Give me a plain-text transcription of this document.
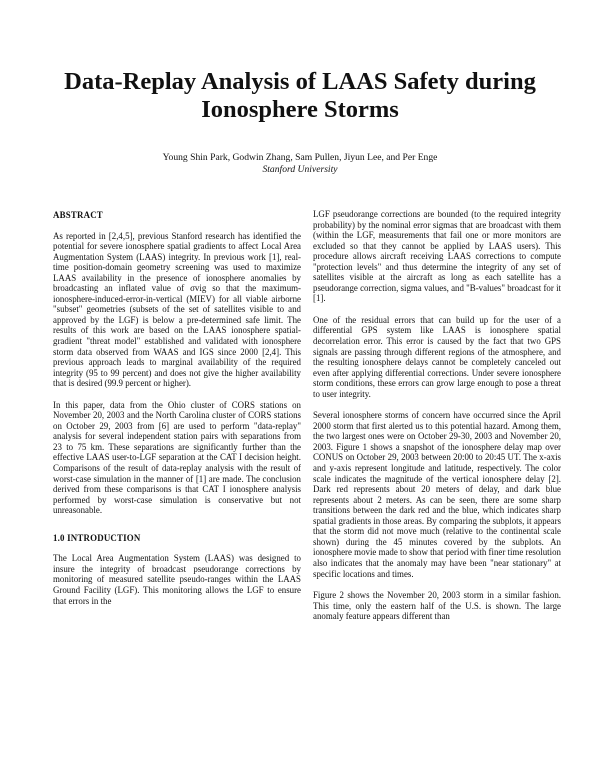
Data-Replay Analysis of LAAS Safety during Ionosphere Storms
Young Shin Park, Godwin Zhang, Sam Pullen, Jiyun Lee, and Per Enge
Stanford University
ABSTRACT

As reported in [2,4,5], previous Stanford research has identified the potential for severe ionosphere spatial gradients to affect Local Area Augmentation System (LAAS) integrity. In previous work [1], real-time position-domain geometry screening was used to maximize LAAS availability in the presence of ionosphere anomalies by broadcasting an inflated value of σvig so that the maximum-ionosphere-induced-error-in-vertical (MIEV) for all viable airborne "subset" geometries (subsets of the set of satellites visible to and approved by the LGF) is below a pre-determined safe limit. The results of this work are based on the LAAS ionosphere spatial-gradient "threat model" established and validated with ionosphere storm data observed from WAAS and IGS since 2000 [2,4]. This previous approach leads to marginal availability of the required integrity (95 to 99 percent) and does not give the higher availability that is desired (99.9 percent or higher).

In this paper, data from the Ohio cluster of CORS stations on November 20, 2003 and the North Carolina cluster of CORS stations on October 29, 2003 from [6] are used to perform "data-replay" analysis for several independent station pairs with separations from 23 to 75 km. These separations are significantly further than the effective LAAS user-to-LGF separation at the CAT I decision height. Comparisons of the result of data-replay analysis with the result of worst-case simulation in the manner of [1] are made. The conclusion derived from these comparisons is that CAT I ionosphere analysis performed by worst-case simulation is conservative but not unreasonable.

1.0 INTRODUCTION

The Local Area Augmentation System (LAAS) was designed to insure the integrity of broadcast pseudorange corrections by monitoring of measured satellite pseudo-ranges within the LAAS Ground Facility (LGF). This monitoring allows the LGF to ensure that errors in the

LGF pseudorange corrections are bounded (to the required integrity probability) by the nominal error sigmas that are broadcast with them (within the LGF, measurements that fail one or more monitors are excluded so that they cannot be applied by LAAS users). This procedure allows aircraft receiving LAAS corrections to compute "protection levels" and thus determine the integrity of any set of satellites visible at the aircraft as long as each satellite has a pseudorange correction, sigma values, and "B-values" broadcast for it [1].

One of the residual errors that can build up for the user of a differential GPS system like LAAS is ionosphere spatial decorrelation error. This error is caused by the fact that two GPS signals are passing through different regions of the atmosphere, and the resulting ionosphere delays cannot be completely canceled out even after applying differential corrections. Under severe ionosphere storm conditions, these errors can grow large enough to pose a threat to user integrity.

Several ionosphere storms of concern have occurred since the April 2000 storm that first alerted us to this potential hazard. Among them, the two largest ones were on October 29-30, 2003 and November 20, 2003. Figure 1 shows a snapshot of the ionosphere delay map over CONUS on October 29, 2003 between 20:00 to 20:45 UT. The x-axis and y-axis represent longitude and latitude, respectively. The color scale indicates the magnitude of the vertical ionosphere delay [2]. Dark red represents about 20 meters of delay, and dark blue represents about 2 meters. As can be seen, there are some sharp transitions between the dark red and the blue, which indicates sharp spatial gradients in those areas. By comparing the subplots, it appears that the storm did not move much (relative to the continental scale shown) during the 45 minutes covered by the subplots. An ionosphere movie made to show that period with finer time resolution also indicates that the anomaly may have been "near stationary" at specific locations and times.

Figure 2 shows the November 20, 2003 storm in a similar fashion. This time, only the eastern half of the U.S. is shown. The large anomaly feature appears different than
